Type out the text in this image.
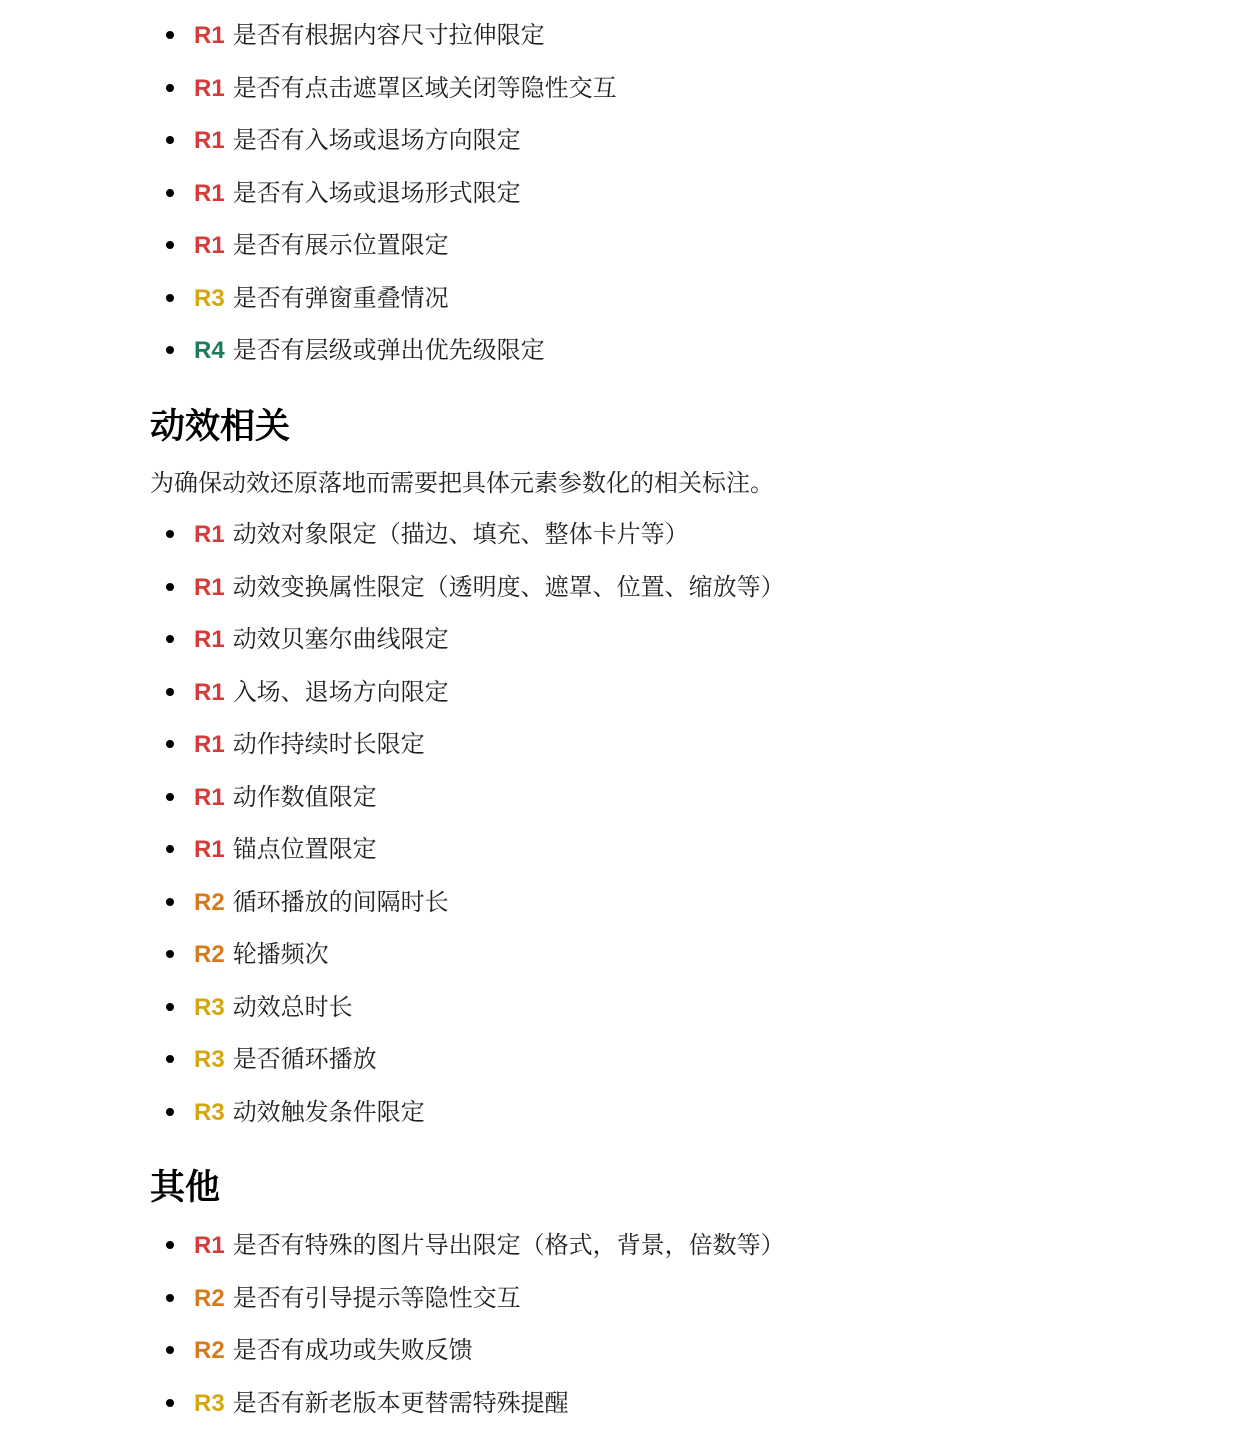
R1 是否有根据内容尺寸拉伸限定
R1 是否有点击遮罩区域关闭等隐性交互
R1 是否有入场或退场方向限定
R1 是否有入场或退场形式限定
R1 是否有展示位置限定
R3 是否有弹窗重叠情况
R4 是否有层级或弹出优先级限定
动效相关

为确保动效还原落地而需要把具体元素参数化的相关标注。

R1 动效对象限定（描边、填充、整体卡片等）
R1 动效变换属性限定（透明度、遮罩、位置、缩放等）
R1 动效贝塞尔曲线限定
R1 入场、退场方向限定
R1 动作持续时长限定
R1 动作数值限定
R1 锚点位置限定
R2 循环播放的间隔时长
R2 轮播频次
R3 动效总时长
R3 是否循环播放
R3 动效触发条件限定
其他
R1 是否有特殊的图片导出限定（格式，背景，倍数等）
R2 是否有引导提示等隐性交互
R2 是否有成功或失败反馈
R3 是否有新老版本更替需特殊提醒
